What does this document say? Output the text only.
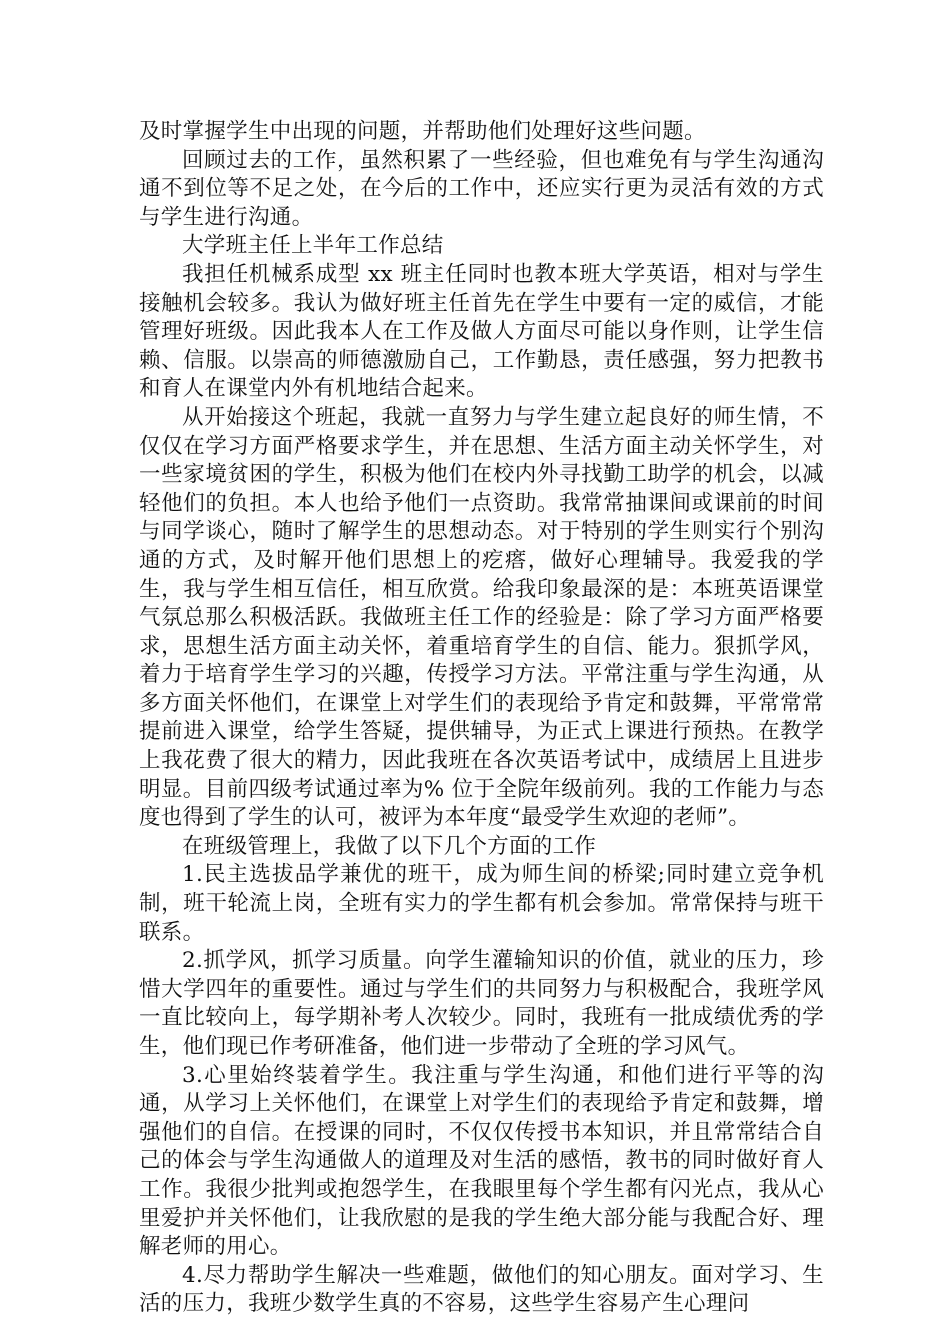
及时掌握学生中出现的问题，并帮助他们处理好这些问题。

回顾过去的工作，虽然积累了一些经验，但也难免有与学生沟通沟通不到位等不足之处，在今后的工作中，还应实行更为灵活有效的方式与学生进行沟通。

大学班主任上半年工作总结

我担任机械系成型 xx 班主任同时也教本班大学英语，相对与学生接触机会较多。我认为做好班主任首先在学生中要有一定的威信，才能管理好班级。因此我本人在工作及做人方面尽可能以身作则，让学生信赖、信服。以崇高的师德激励自己，工作勤恳，责任感强，努力把教书和育人在课堂内外有机地结合起来。

从开始接这个班起，我就一直努力与学生建立起良好的师生情，不仅仅在学习方面严格要求学生，并在思想、生活方面主动关怀学生，对一些家境贫困的学生，积极为他们在校内外寻找勤工助学的机会，以减轻他们的负担。本人也给予他们一点资助。我常常抽课间或课前的时间与同学谈心，随时了解学生的思想动态。对于特别的学生则实行个别沟通的方式，及时解开他们思想上的疙瘩，做好心理辅导。我爱我的学生，我与学生相互信任，相互欣赏。给我印象最深的是：本班英语课堂气氛总那么积极活跃。我做班主任工作的经验是：除了学习方面严格要求，思想生活方面主动关怀，着重培育学生的自信、能力。狠抓学风，着力于培育学生学习的兴趣，传授学习方法。平常注重与学生沟通，从多方面关怀他们，在课堂上对学生们的表现给予肯定和鼓舞，平常常常提前进入课堂，给学生答疑，提供辅导，为正式上课进行预热。在教学上我花费了很大的精力，因此我班在各次英语考试中，成绩居上且进步明显。目前四级考试通过率为% 位于全院年级前列。我的工作能力与态度也得到了学生的认可，被评为本年度“最受学生欢迎的老师”。

在班级管理上，我做了以下几个方面的工作

1.民主选拔品学兼优的班干，成为师生间的桥梁;同时建立竞争机制，班干轮流上岗，全班有实力的学生都有机会参加。常常保持与班干联系。

2.抓学风，抓学习质量。向学生灌输知识的价值，就业的压力，珍惜大学四年的重要性。通过与学生们的共同努力与积极配合，我班学风一直比较向上，每学期补考人次较少。同时，我班有一批成绩优秀的学生，他们现已作考研准备，他们进一步带动了全班的学习风气。

3.心里始终装着学生。我注重与学生沟通，和他们进行平等的沟通，从学习上关怀他们，在课堂上对学生们的表现给予肯定和鼓舞，增强他们的自信。在授课的同时，不仅仅传授书本知识，并且常常结合自己的体会与学生沟通做人的道理及对生活的感悟，教书的同时做好育人工作。我很少批判或抱怨学生，在我眼里每个学生都有闪光点，我从心里爱护并关怀他们，让我欣慰的是我的学生绝大部分能与我配合好、理解老师的用心。

4.尽力帮助学生解决一些难题，做他们的知心朋友。面对学习、生活的压力，我班少数学生真的不容易，这些学生容易产生心理问
